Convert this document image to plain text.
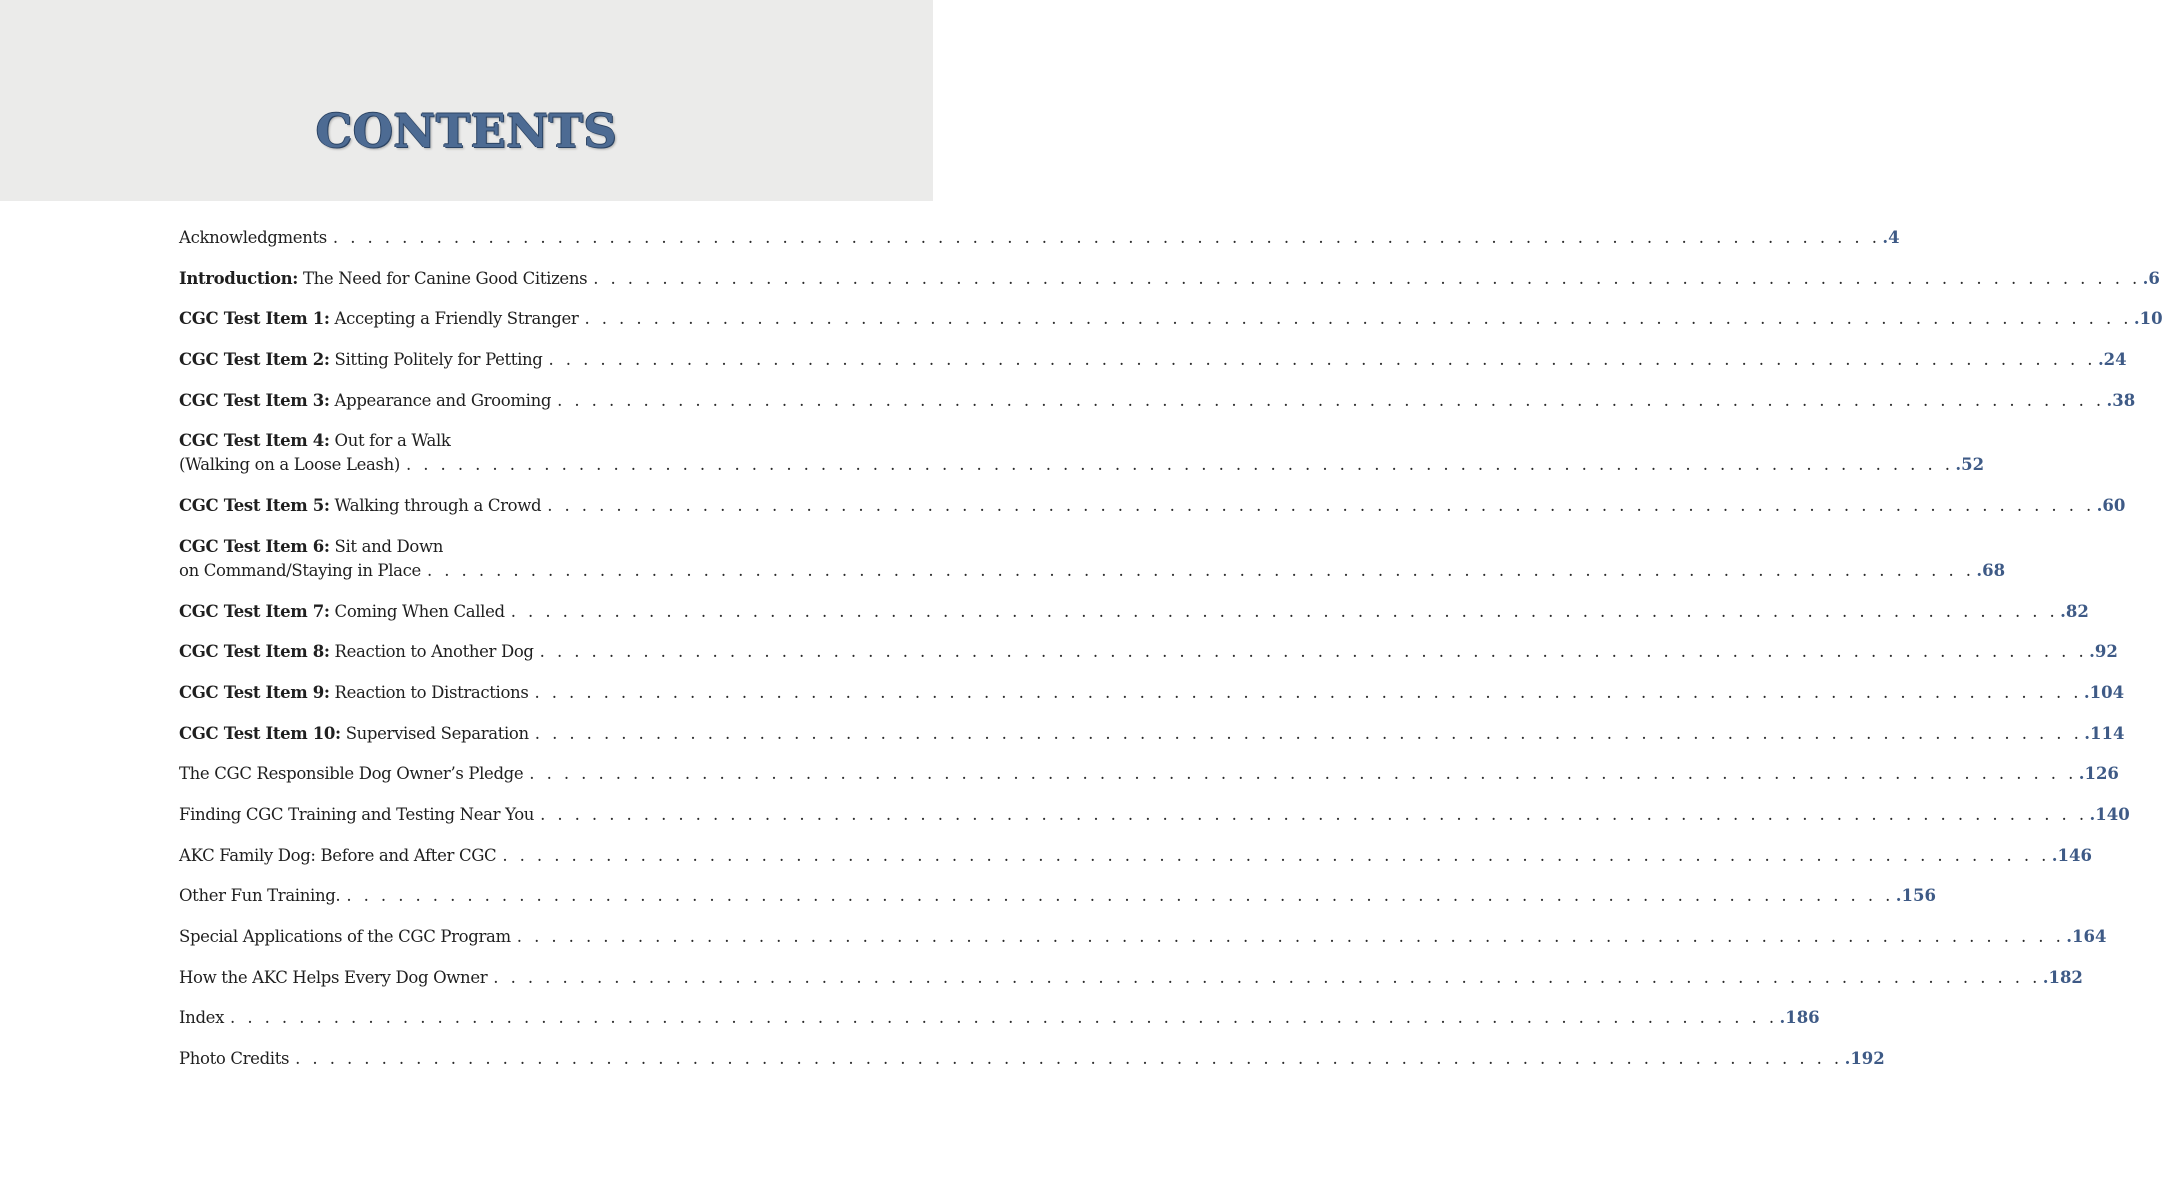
CONTENTS
Acknowledgments . . . . . . . . . . . . . . . . . . . . . . . . . . . . . . . . . . . . . . . . . . . . . . . . . . . . . . . . . . . . . . . . . . . . . . . . . . . . . . . . . . . . . . . . . . .4
Introduction: The Need for Canine Good Citizens . . . . . . . . . . . . . . . . . . . . . . . . . . . . . . . . . . . . . . . . . . . . . . . . . . . . . . . . . . . . . . . . . . . . . . . . . . . . . . . . . . . . . . . . . . .6
CGC Test Item 1: Accepting a Friendly Stranger . . . . . . . . . . . . . . . . . . . . . . . . . . . . . . . . . . . . . . . . . . . . . . . . . . . . . . . . . . . . . . . . . . . . . . . . . . . . . . . . . . . . . . . . . . .10
CGC Test Item 2: Sitting Politely for Petting . . . . . . . . . . . . . . . . . . . . . . . . . . . . . . . . . . . . . . . . . . . . . . . . . . . . . . . . . . . . . . . . . . . . . . . . . . . . . . . . . . . . . . . . . . .24
CGC Test Item 3: Appearance and Grooming . . . . . . . . . . . . . . . . . . . . . . . . . . . . . . . . . . . . . . . . . . . . . . . . . . . . . . . . . . . . . . . . . . . . . . . . . . . . . . . . . . . . . . . . . . .38
CGC Test Item 4: Out for a Walk
(Walking on a Loose Leash) . . . . . . . . . . . . . . . . . . . . . . . . . . . . . . . . . . . . . . . . . . . . . . . . . . . . . . . . . . . . . . . . . . . . . . . . . . . . . . . . . . . . . . . . . . .52
CGC Test Item 5: Walking through a Crowd . . . . . . . . . . . . . . . . . . . . . . . . . . . . . . . . . . . . . . . . . . . . . . . . . . . . . . . . . . . . . . . . . . . . . . . . . . . . . . . . . . . . . . . . . . .60
CGC Test Item 6: Sit and Down
on Command/Staying in Place . . . . . . . . . . . . . . . . . . . . . . . . . . . . . . . . . . . . . . . . . . . . . . . . . . . . . . . . . . . . . . . . . . . . . . . . . . . . . . . . . . . . . . . . . . .68
CGC Test Item 7: Coming When Called . . . . . . . . . . . . . . . . . . . . . . . . . . . . . . . . . . . . . . . . . . . . . . . . . . . . . . . . . . . . . . . . . . . . . . . . . . . . . . . . . . . . . . . . . . .82
CGC Test Item 8: Reaction to Another Dog . . . . . . . . . . . . . . . . . . . . . . . . . . . . . . . . . . . . . . . . . . . . . . . . . . . . . . . . . . . . . . . . . . . . . . . . . . . . . . . . . . . . . . . . . . .92
CGC Test Item 9: Reaction to Distractions . . . . . . . . . . . . . . . . . . . . . . . . . . . . . . . . . . . . . . . . . . . . . . . . . . . . . . . . . . . . . . . . . . . . . . . . . . . . . . . . . . . . . . . . . . .104
CGC Test Item 10: Supervised Separation . . . . . . . . . . . . . . . . . . . . . . . . . . . . . . . . . . . . . . . . . . . . . . . . . . . . . . . . . . . . . . . . . . . . . . . . . . . . . . . . . . . . . . . . . . .114
The CGC Responsible Dog Owner’s Pledge . . . . . . . . . . . . . . . . . . . . . . . . . . . . . . . . . . . . . . . . . . . . . . . . . . . . . . . . . . . . . . . . . . . . . . . . . . . . . . . . . . . . . . . . . . .126
Finding CGC Training and Testing Near You . . . . . . . . . . . . . . . . . . . . . . . . . . . . . . . . . . . . . . . . . . . . . . . . . . . . . . . . . . . . . . . . . . . . . . . . . . . . . . . . . . . . . . . . . . .140
AKC Family Dog: Before and After CGC . . . . . . . . . . . . . . . . . . . . . . . . . . . . . . . . . . . . . . . . . . . . . . . . . . . . . . . . . . . . . . . . . . . . . . . . . . . . . . . . . . . . . . . . . . .146
Other Fun Training. . . . . . . . . . . . . . . . . . . . . . . . . . . . . . . . . . . . . . . . . . . . . . . . . . . . . . . . . . . . . . . . . . . . . . . . . . . . . . . . . . . . . . . . . . . .156
Special Applications of the CGC Program . . . . . . . . . . . . . . . . . . . . . . . . . . . . . . . . . . . . . . . . . . . . . . . . . . . . . . . . . . . . . . . . . . . . . . . . . . . . . . . . . . . . . . . . . . .164
How the AKC Helps Every Dog Owner . . . . . . . . . . . . . . . . . . . . . . . . . . . . . . . . . . . . . . . . . . . . . . . . . . . . . . . . . . . . . . . . . . . . . . . . . . . . . . . . . . . . . . . . . . .182
Index . . . . . . . . . . . . . . . . . . . . . . . . . . . . . . . . . . . . . . . . . . . . . . . . . . . . . . . . . . . . . . . . . . . . . . . . . . . . . . . . . . . . . . . . . . .186
Photo Credits . . . . . . . . . . . . . . . . . . . . . . . . . . . . . . . . . . . . . . . . . . . . . . . . . . . . . . . . . . . . . . . . . . . . . . . . . . . . . . . . . . . . . . . . . . .192
